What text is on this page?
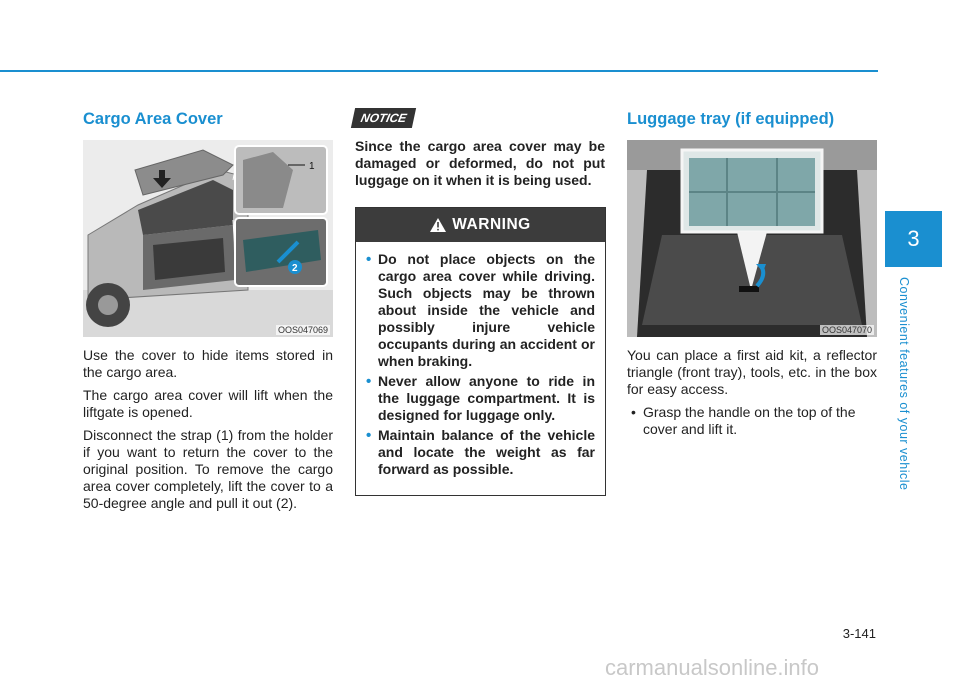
Cargo Area Cover
1
2
OOS047069

Use the cover to hide items stored in the cargo area.

The cargo area cover will lift when the liftgate is opened.

Disconnect the strap (1) from the holder if you want to return the cover to the original position. To remove the cargo area cover completely, lift the cover to a 50-degree angle and pull it out (2).

NOTICE
Since the cargo area cover may be damaged or deformed, do not put luggage on it when it is being used.
WARNING
• Do not place objects on the cargo area cover while driving. Such objects may be thrown about inside the vehicle and possibly injure vehicle occupants during an accident or when braking.
• Never allow anyone to ride in the luggage compartment. It is designed for luggage only.
• Maintain balance of the vehicle and locate the weight as far forward as possible.
Luggage tray (if equipped)
OOS047070

You can place a first aid kit, a reflector triangle (front tray), tools, etc. in the box for easy access.

• Grasp the handle on the top of the cover and lift it.
3
Convenient features of your vehicle
3-141
carmanualsonline.info
